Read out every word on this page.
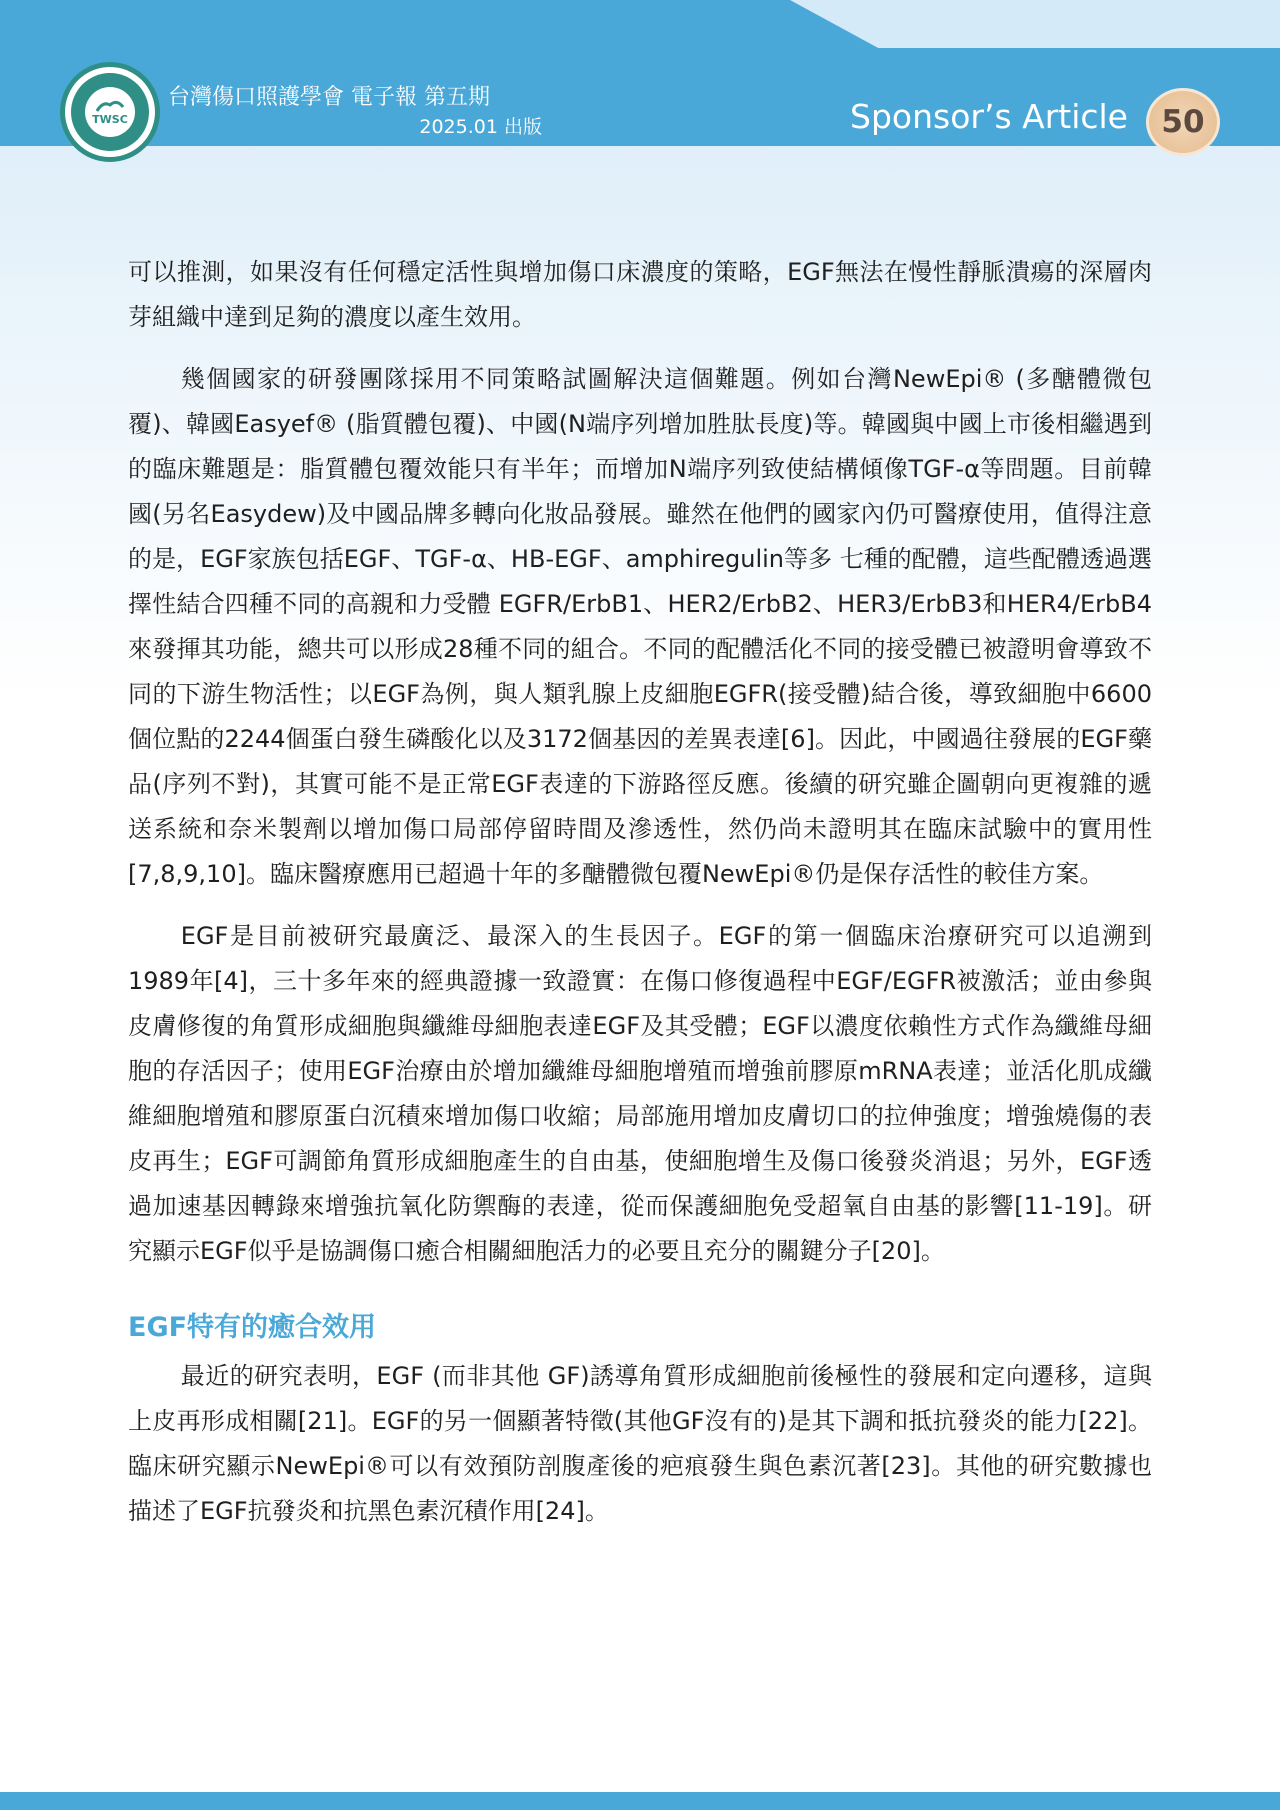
TWSC
台灣傷口照護學會 電子報 第五期
2025.01 出版	Sponsor’s Article	50

可以推測，如果沒有任何穩定活性與增加傷口床濃度的策略，EGF無法在慢性靜脈潰瘍的深層肉芽組織中達到足夠的濃度以產生效用。

幾個國家的研發團隊採用不同策略試圖解決這個難題。例如台灣NewEpi® (多醣體微包覆)、韓國Easyef® (脂質體包覆)、中國(N端序列增加胜肽長度)等。韓國與中國上市後相繼遇到的臨床難題是：脂質體包覆效能只有半年；而增加N端序列致使結構傾像TGF-α等問題。目前韓國(另名Easydew)及中國品牌多轉向化妝品發展。雖然在他們的國家內仍可醫療使用，值得注意的是，EGF家族包括EGF、TGF-α、HB-EGF、amphiregulin等多 七種的配體，這些配體透過選擇性結合四種不同的高親和力受體 EGFR/ErbB1、HER2/ErbB2、HER3/ErbB3和HER4/ErbB4來發揮其功能，總共可以形成28種不同的組合。不同的配體活化不同的接受體已被證明會導致不同的下游生物活性；以EGF為例，與人類乳腺上皮細胞EGFR(接受體)結合後，導致細胞中6600個位點的2244個蛋白發生磷酸化以及3172個基因的差異表達[6]。因此，中國過往發展的EGF藥品(序列不對)，其實可能不是正常EGF表達的下游路徑反應。後續的研究雖企圖朝向更複雜的遞送系統和奈米製劑以增加傷口局部停留時間及滲透性，然仍尚未證明其在臨床試驗中的實用性[7,8,9,10]。臨床醫療應用已超過十年的多醣體微包覆NewEpi®仍是保存活性的較佳方案。

EGF是目前被研究最廣泛、最深入的生長因子。EGF的第一個臨床治療研究可以追溯到1989年[4]，三十多年來的經典證據一致證實：在傷口修復過程中EGF/EGFR被激活；並由參與皮膚修復的角質形成細胞與纖維母細胞表達EGF及其受體；EGF以濃度依賴性方式作為纖維母細胞的存活因子；使用EGF治療由於增加纖維母細胞增殖而增強前膠原mRNA表達；並活化肌成纖維細胞增殖和膠原蛋白沉積來增加傷口收縮；局部施用增加皮膚切口的拉伸強度；增強燒傷的表皮再生；EGF可調節角質形成細胞產生的自由基，使細胞增生及傷口後發炎消退；另外，EGF透過加速基因轉錄來增強抗氧化防禦酶的表達，從而保護細胞免受超氧自由基的影響[11-19]。研究顯示EGF似乎是協調傷口癒合相關細胞活力的必要且充分的關鍵分子[20]。

EGF特有的癒合效用

最近的研究表明，EGF (而非其他 GF)誘導角質形成細胞前後極性的發展和定向遷移，這與上皮再形成相關[21]。EGF的另一個顯著特徵(其他GF沒有的)是其下調和抵抗發炎的能力[22]。臨床研究顯示NewEpi®可以有效預防剖腹產後的疤痕發生與色素沉著[23]。其他的研究數據也描述了EGF抗發炎和抗黑色素沉積作用[24]。
